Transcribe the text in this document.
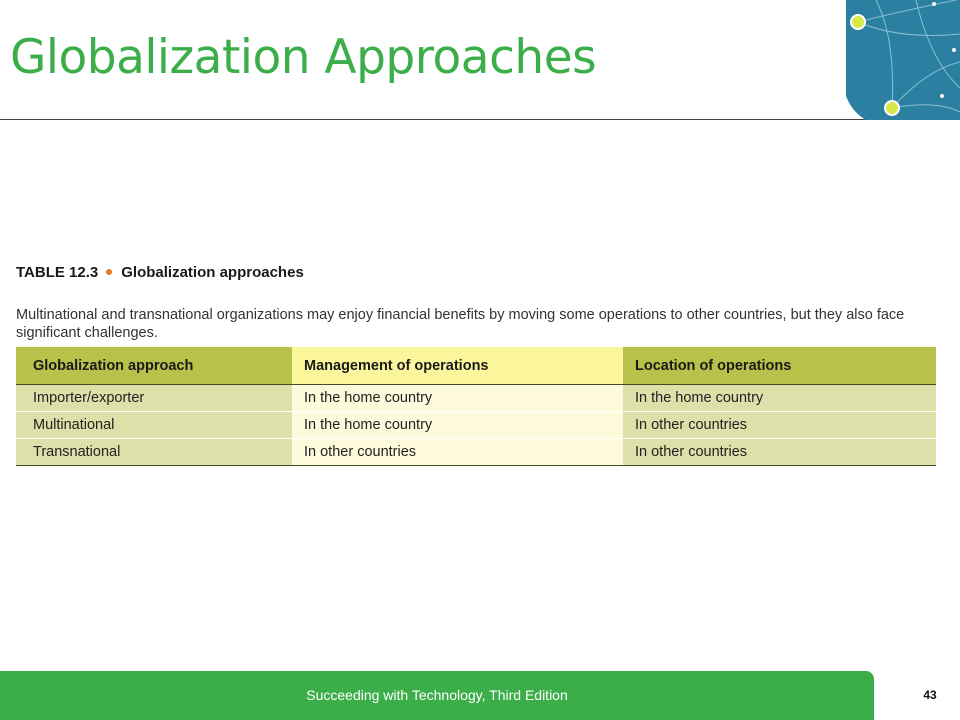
Globalization Approaches
TABLE 12.3 Globalization approaches
Multinational and transnational organizations may enjoy financial benefits by moving some operations to other countries, but they also face significant challenges.
Globalization approach	Management of operations	Location of operations
Importer/exporter	In the home country	In the home country
Multinational	In the home country	In other countries
Transnational	In other countries	In other countries
Succeeding with Technology, Third Edition	43
